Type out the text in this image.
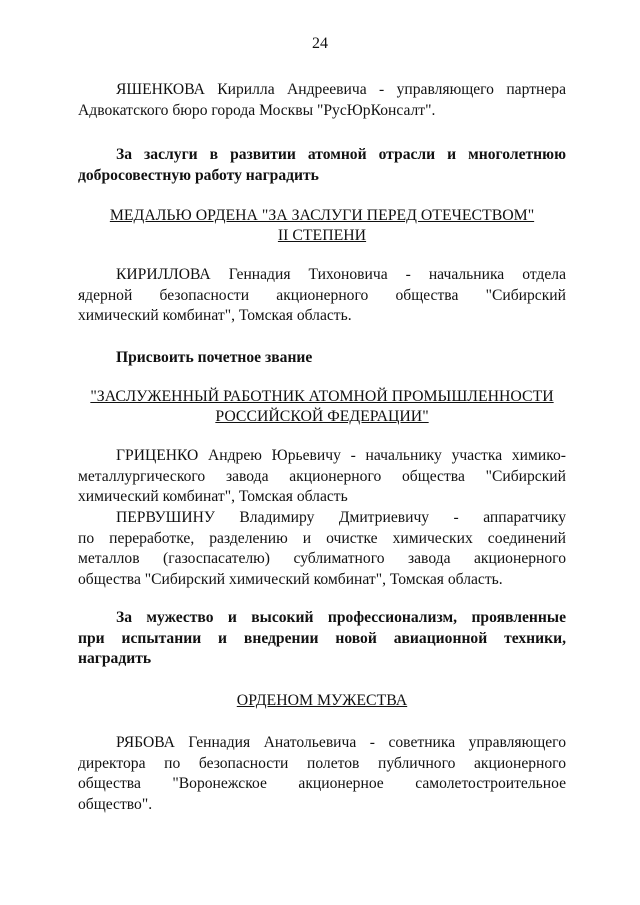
24
ЯШЕНКОВА Кирилла Андреевича - управляющего партнера
Адвокатского бюро города Москвы "РусЮрКонсалт".
За заслуги в развитии атомной отрасли и многолетнюю
добросовестную работу наградить
МЕДАЛЬЮ ОРДЕНА "ЗА ЗАСЛУГИ ПЕРЕД ОТЕЧЕСТВОМ"
II СТЕПЕНИ
КИРИЛЛОВА Геннадия Тихоновича - начальника отдела
ядерной безопасности акционерного общества "Сибирский
химический комбинат", Томская область.
Присвоить почетное звание
"ЗАСЛУЖЕННЫЙ РАБОТНИК АТОМНОЙ ПРОМЫШЛЕННОСТИ
РОССИЙСКОЙ ФЕДЕРАЦИИ"
ГРИЦЕНКО Андрею Юрьевичу - начальнику участка химико-
металлургического завода акционерного общества "Сибирский
химический комбинат", Томская область
ПЕРВУШИНУ Владимиру Дмитриевичу - аппаратчику
по переработке, разделению и очистке химических соединений
металлов (газоспасателю) сублиматного завода акционерного
общества "Сибирский химический комбинат", Томская область.
За мужество и высокий профессионализм, проявленные
при испытании и внедрении новой авиационной техники,
наградить
ОРДЕНОМ МУЖЕСТВА
РЯБОВА Геннадия Анатольевича - советника управляющего
директора по безопасности полетов публичного акционерного
общества "Воронежское акционерное самолетостроительное
общество".
